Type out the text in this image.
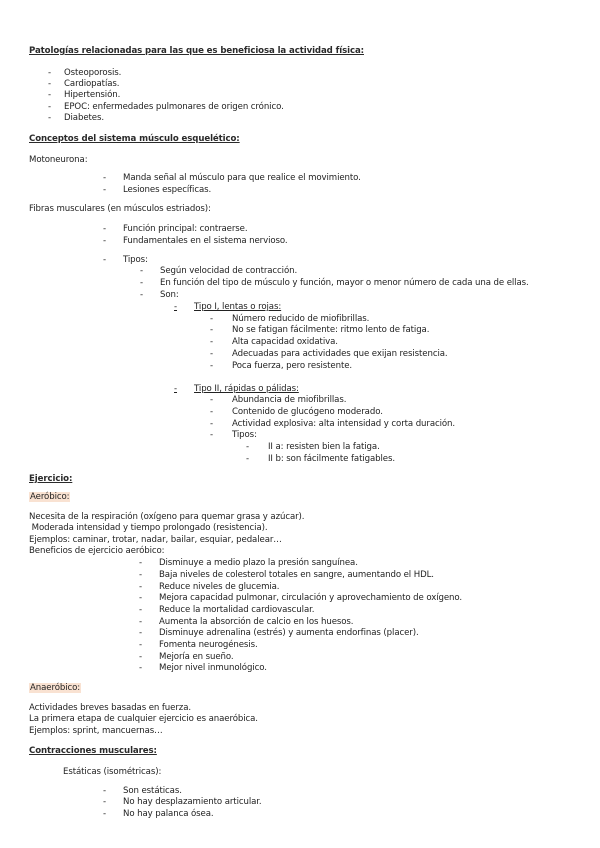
Patologías relacionadas para las que es beneficiosa la actividad física:
- Osteoporosis.
- Cardiopatías.
- Hipertensión.
- EPOC: enfermedades pulmonares de origen crónico.
- Diabetes.
Conceptos del sistema músculo esquelético:
Motoneurona:
- Manda señal al músculo para que realice el movimiento.
- Lesiones específicas.
Fibras musculares (en músculos estriados):
- Función principal: contraerse.
- Fundamentales en el sistema nervioso.
- Tipos:
- Según velocidad de contracción.
- En función del tipo de músculo y función, mayor o menor número de cada una de ellas.
- Son:
- Tipo I, lentas o rojas:
- Número reducido de miofibrillas.
- No se fatigan fácilmente: ritmo lento de fatiga.
- Alta capacidad oxidativa.
- Adecuadas para actividades que exijan resistencia.
- Poca fuerza, pero resistente.
- Tipo II, rápidas o pálidas:
- Abundancia de miofibrillas.
- Contenido de glucógeno moderado.
- Actividad explosiva: alta intensidad y corta duración.
- Tipos:
- II a: resisten bien la fatiga.
- II b: son fácilmente fatigables.
Ejercicio:
Aeróbico:
Necesita de la respiración (oxígeno para quemar grasa y azúcar).
Moderada intensidad y tiempo prolongado (resistencia).
Ejemplos: caminar, trotar, nadar, bailar, esquiar, pedalear…
Beneficios de ejercicio aeróbico:
- Disminuye a medio plazo la presión sanguínea.
- Baja niveles de colesterol totales en sangre, aumentando el HDL.
- Reduce niveles de glucemia.
- Mejora capacidad pulmonar, circulación y aprovechamiento de oxígeno.
- Reduce la mortalidad cardiovascular.
- Aumenta la absorción de calcio en los huesos.
- Disminuye adrenalina (estrés) y aumenta endorfinas (placer).
- Fomenta neurogénesis.
- Mejoría en sueño.
- Mejor nivel inmunológico.
Anaeróbico:
Actividades breves basadas en fuerza.
La primera etapa de cualquier ejercicio es anaeróbica.
Ejemplos: sprint, mancuernas…
Contracciones musculares:
Estáticas (isométricas):
- Son estáticas.
- No hay desplazamiento articular.
- No hay palanca ósea.
